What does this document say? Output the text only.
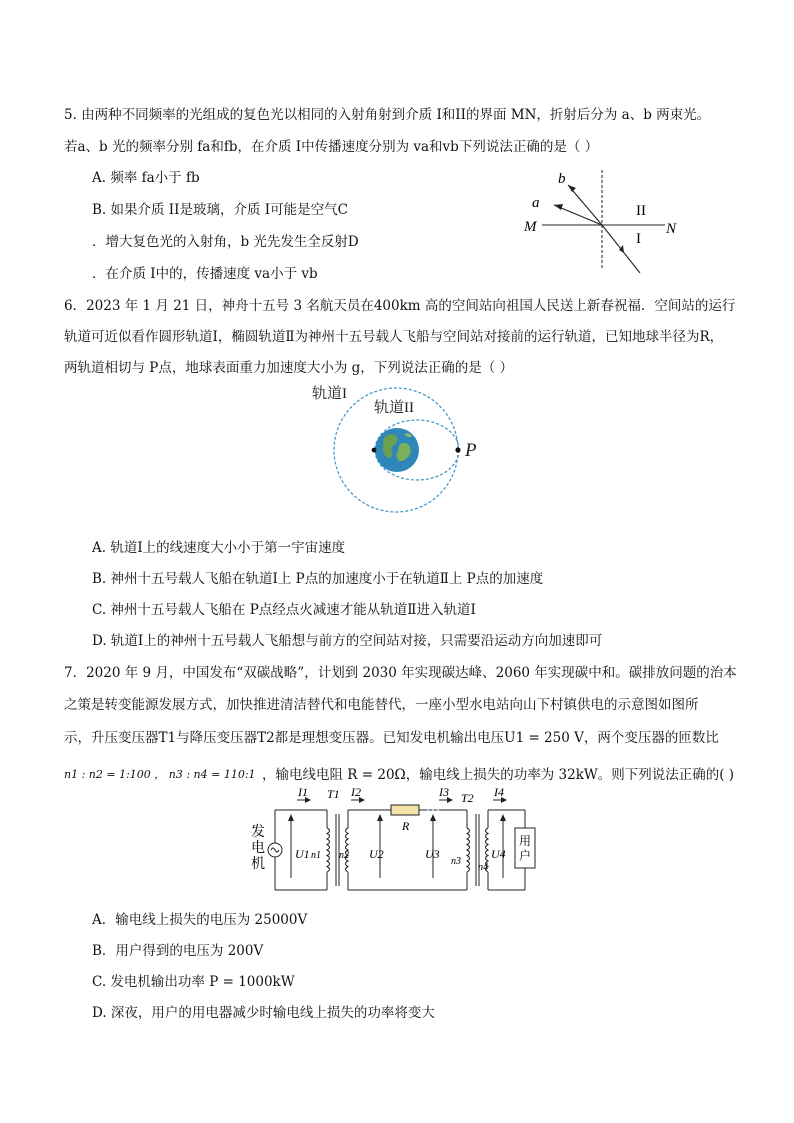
5. 由两种不同频率的光组成的复色光以相同的入射角射到介质 I和II的界面 MN，折射后分为 a、b 两束光。
若a、b 光的频率分别 fa和fb，在介质 I中传播速度分别为 va和vb下列说法正确的是（ ）
A. 频率 fa小于 fb
B. 如果介质 II是玻璃，介质 I可能是空气C
．增大复色光的入射角，b 光先发生全反射D
．在介质 I中的，传播速度 va小于 vb
b
a
M	N
II
I
6．2023 年 1 月 21 日，神舟十五号 3 名航天员在400km 高的空间站向祖国人民送上新春祝福．空间站的运行
轨道可近似看作圆形轨道Ⅰ，椭圆轨道Ⅱ为神州十五号载人飞船与空间站对接前的运行轨道，已知地球半径为R，
两轨道相切与 P点，地球表面重力加速度大小为 g，下列说法正确的是（ ）
轨道I
轨道II
P
A. 轨道Ⅰ上的线速度大小小于第一宇宙速度
B. 神州十五号载人飞船在轨道Ⅰ上 P点的加速度小于在轨道Ⅱ上 P点的加速度
C. 神州十五号载人飞船在 P点经点火减速才能从轨道Ⅱ进入轨道Ⅰ
D. 轨道Ⅰ上的神州十五号载人飞船想与前方的空间站对接，只需要沿运动方向加速即可
7．2020 年 9 月，中国发布“双碳战略”，计划到 2030 年实现碳达峰、2060 年实现碳中和。碳排放问题的治本
之策是转变能源发展方式，加快推进清洁替代和电能替代，一座小型水电站向山下村镇供电的示意图如图所
示，升压变压器T1与降压变压器T2都是理想变压器。已知发电机输出电压U1 = 250 V，两个变压器的匝数比
n1 : n2 = 1:100 ， n3 : n4 = 110:1 ，输电线电阻 R = 20Ω，输电线上损失的功率为 32kW。则下列说法正确的( )
发
电
机
I1
U1 n1
T1
n2
R
I2	I3
U2	U3
n3
T2
n4
用
户
U4
I4
A．输电线上损失的电压为 25000V
B．用户得到的电压为 200V
C. 发电机输出功率 P = 1000kW
D. 深夜，用户的用电器减少时输电线上损失的功率将变大
